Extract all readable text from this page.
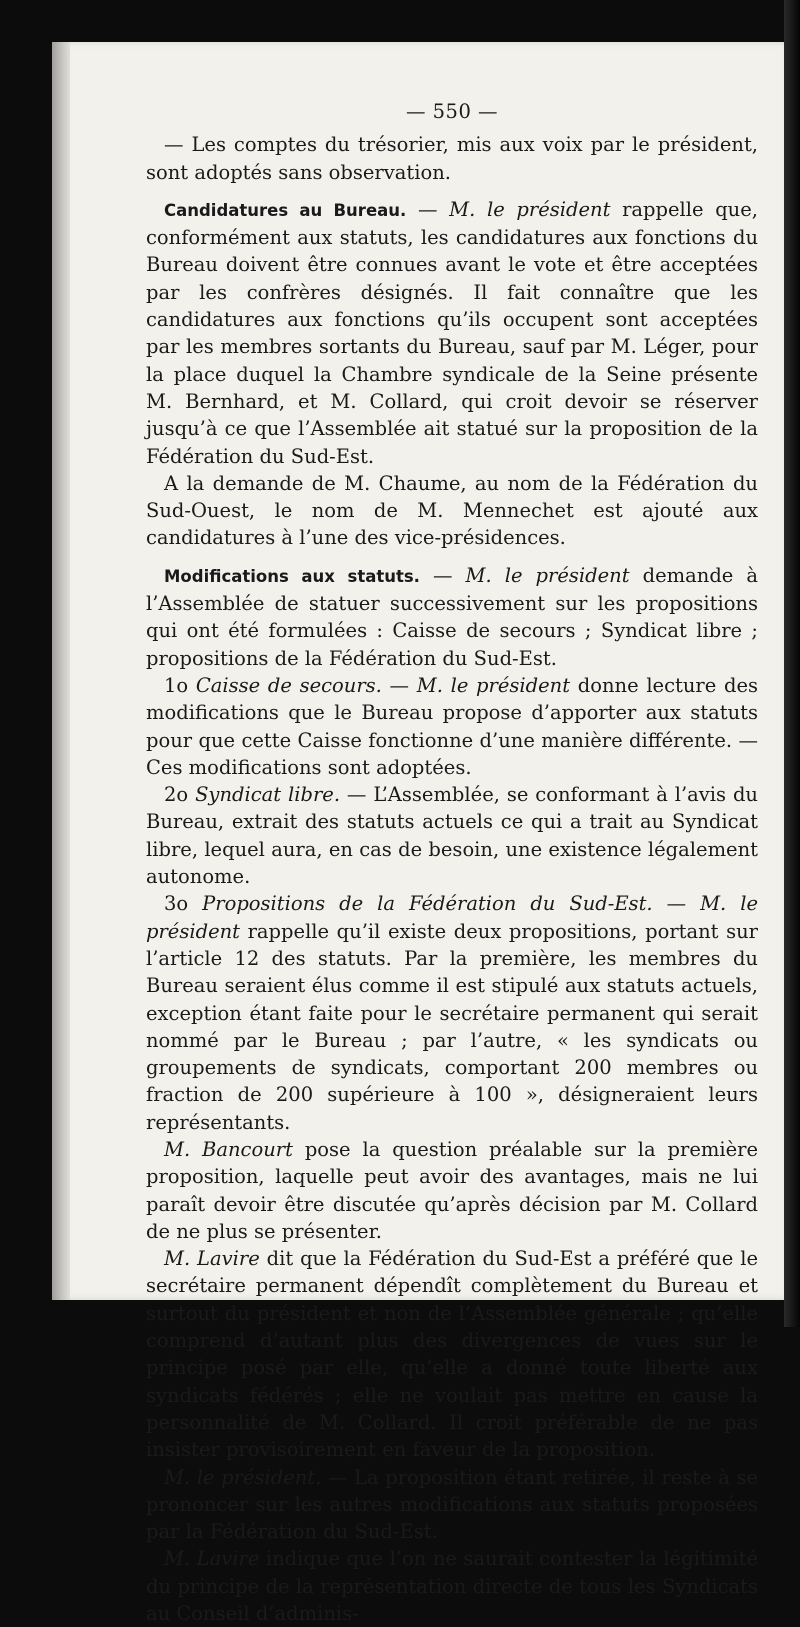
— 550 —

— Les comptes du trésorier, mis aux voix par le président, sont adoptés sans observation.

Candidatures au Bureau. — M. le président rappelle que, conformément aux statuts, les candidatures aux fonctions du Bureau doivent être connues avant le vote et être acceptées par les confrères désignés. Il fait connaître que les candidatures aux fonctions qu’ils occupent sont acceptées par les membres sortants du Bureau, sauf par M. Léger, pour la place duquel la Chambre syndicale de la Seine présente M. Bernhard, et M. Collard, qui croit devoir se réserver jusqu’à ce que l’Assemblée ait statué sur la proposition de la Fédération du Sud-Est.

A la demande de M. Chaume, au nom de la Fédération du Sud-Ouest, le nom de M. Mennechet est ajouté aux candidatures à l’une des vice-présidences.

Modifications aux statuts. — M. le président demande à l’Assemblée de statuer successivement sur les propositions qui ont été formulées : Caisse de secours ; Syndicat libre ; propositions de la Fédération du Sud-Est.

1o Caisse de secours. — M. le président donne lecture des modifications que le Bureau propose d’apporter aux statuts pour que cette Caisse fonctionne d’une manière différente. — Ces modifications sont adoptées.

2o Syndicat libre. — L’Assemblée, se conformant à l’avis du Bureau, extrait des statuts actuels ce qui a trait au Syndicat libre, lequel aura, en cas de besoin, une existence légalement autonome.

3o Propositions de la Fédération du Sud-Est. — M. le président rappelle qu’il existe deux propositions, portant sur l’article 12 des statuts. Par la première, les membres du Bureau seraient élus comme il est stipulé aux statuts actuels, exception étant faite pour le secrétaire permanent qui serait nommé par le Bureau ; par l’autre, « les syndicats ou groupements de syndicats, comportant 200 membres ou fraction de 200 supérieure à 100 », désigneraient leurs représentants.

M. Bancourt pose la question préalable sur la première proposition, laquelle peut avoir des avantages, mais ne lui paraît devoir être discutée qu’après décision par M. Collard de ne plus se présenter.

M. Lavire dit que la Fédération du Sud-Est a préféré que le secrétaire permanent dépendît complètement du Bureau et surtout du président et non de l’Assemblée générale ; qu’elle comprend d’autant plus des divergences de vues sur le principe posé par elle, qu’elle a donné toute liberté aux syndicats fédérés ; elle ne voulait pas mettre en cause la personnalité de M. Collard. Il croit préférable de ne pas insister provisoirement en faveur de la proposition.

M. le président. — La proposition étant retirée, il reste à se prononcer sur les autres modifications aux statuts proposées par la Fédération du Sud-Est.

M. Lavire indique que l’on ne saurait contester la légitimité du principe de la représentation directe de tous les Syndicats au Conseil d’adminis-
